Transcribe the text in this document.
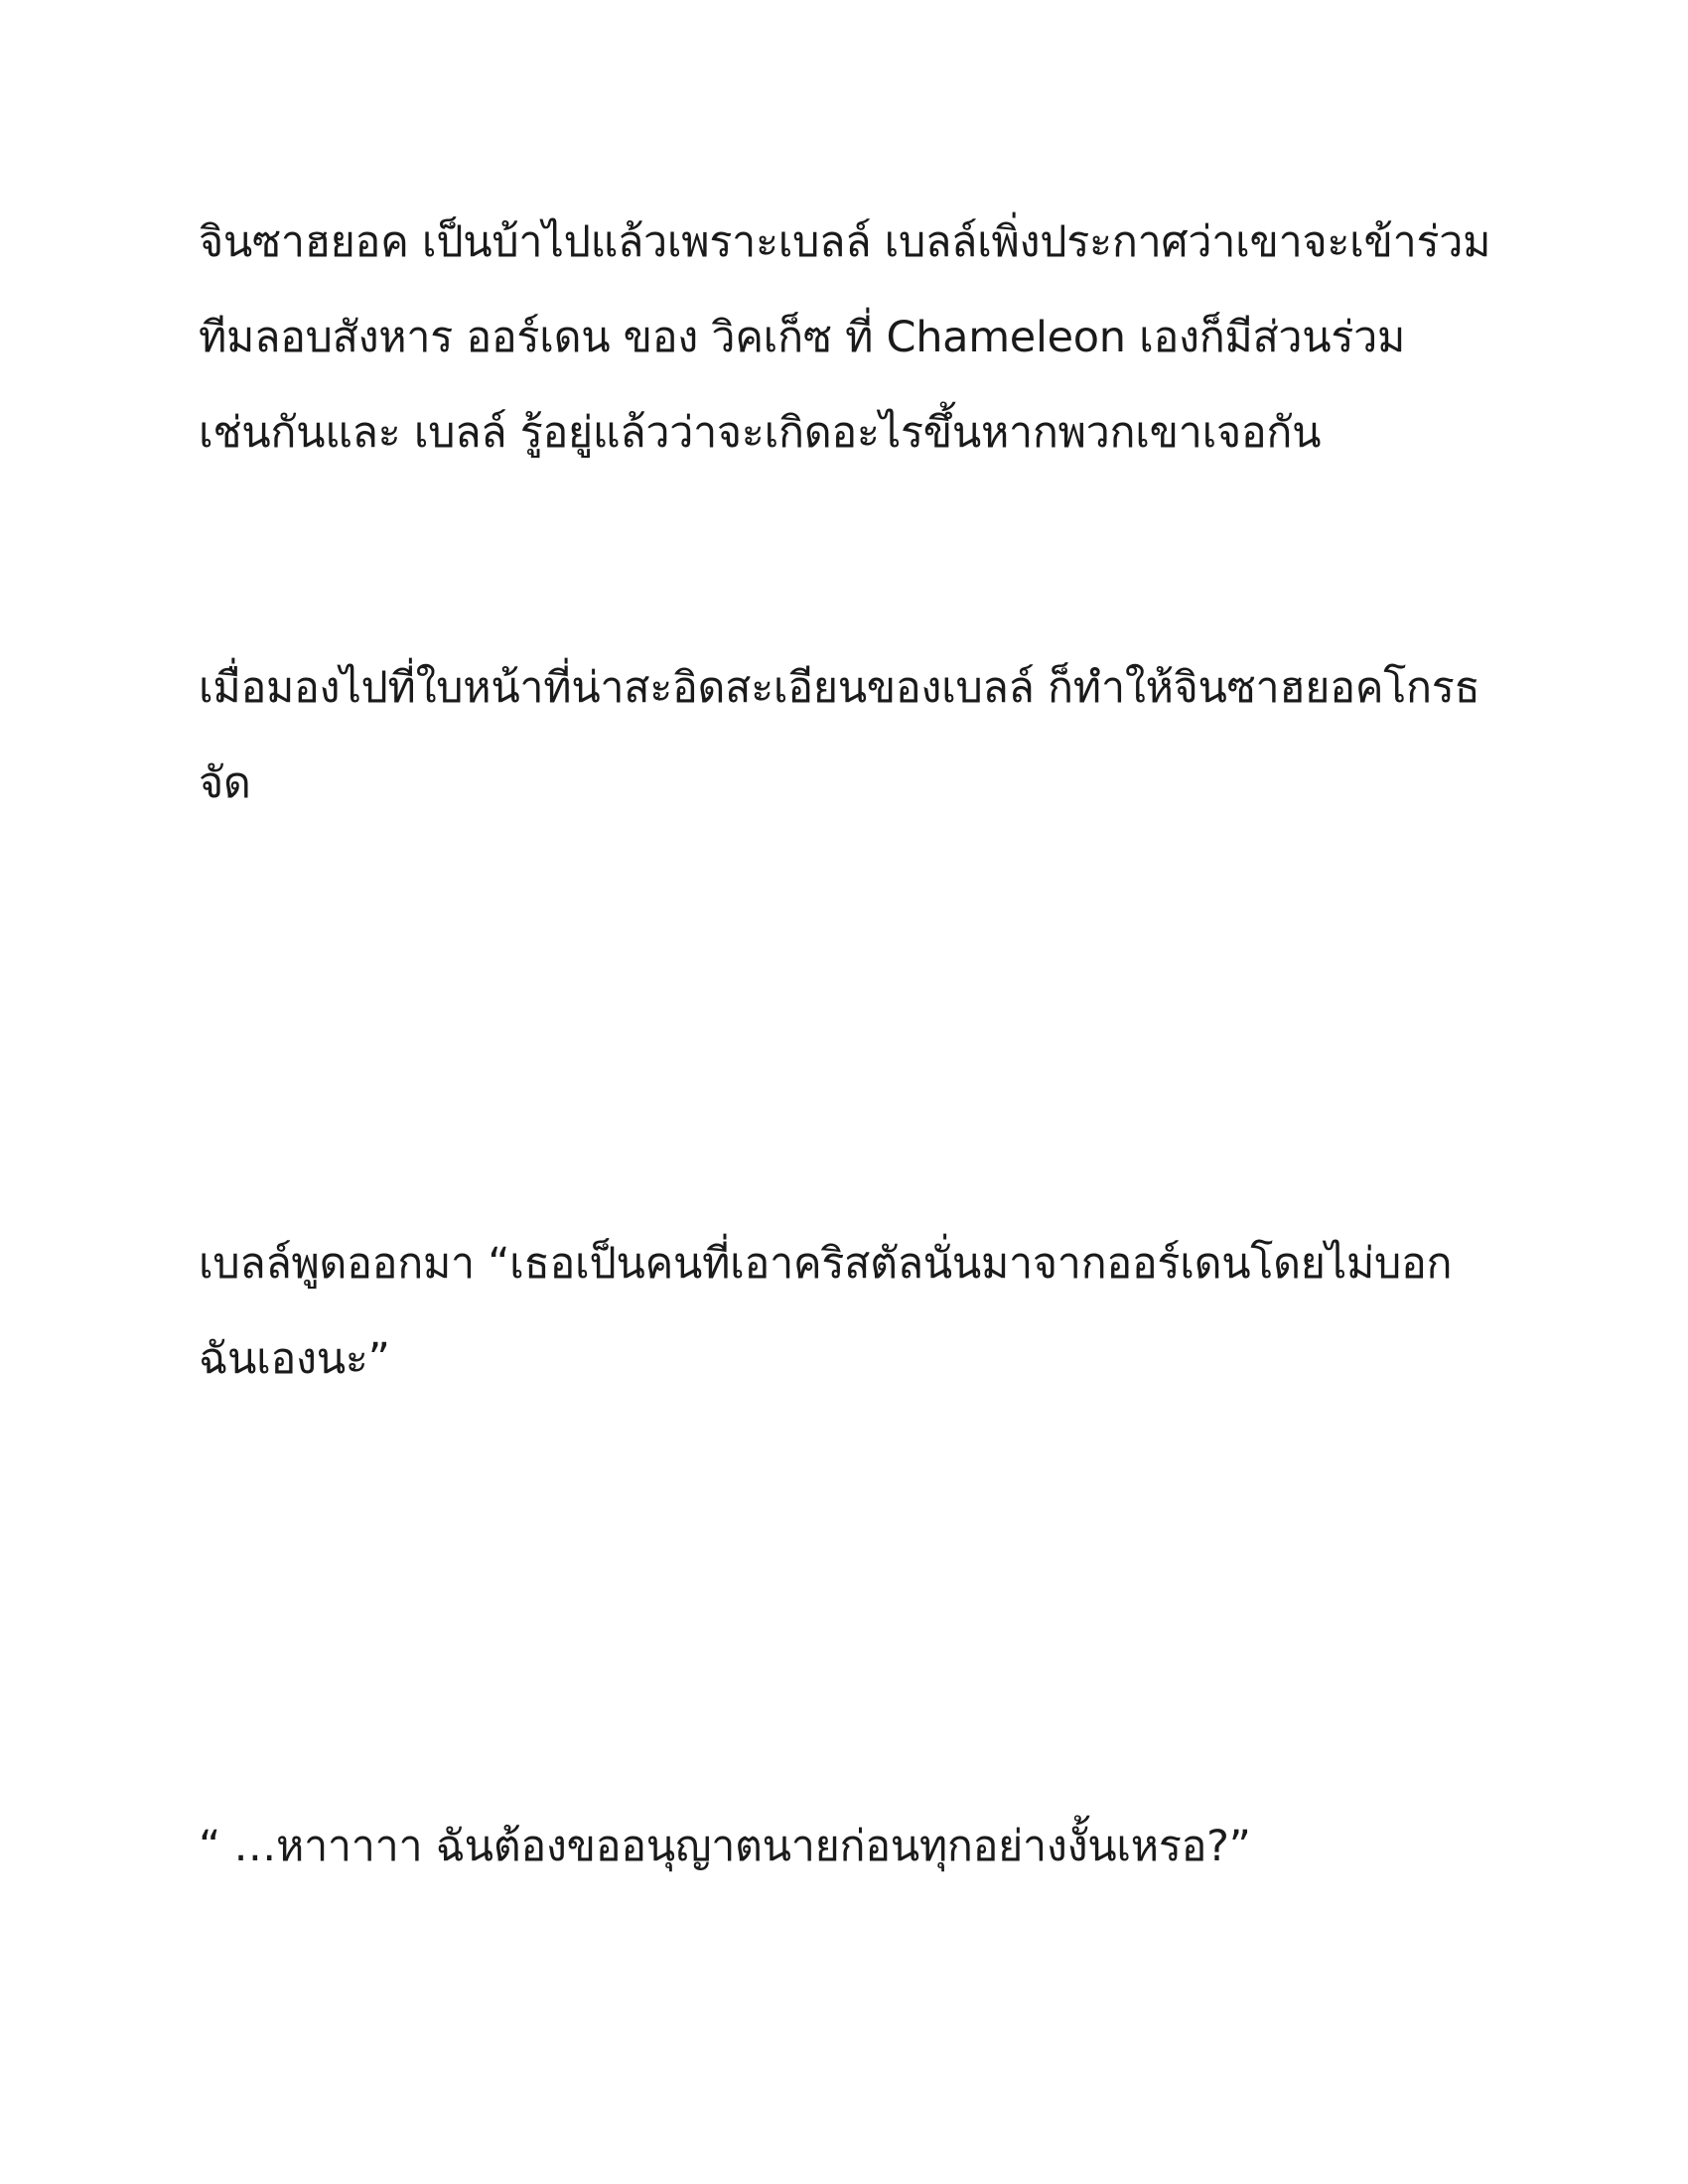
จินซาฮยอค เป็นบ้าไปแล้วเพราะเบลล์ เบลล์เพิ่งประกาศว่าเขาจะเข้าร่วม
ทีมลอบสังหาร ออร์เดน ของ วิคเก็ซ ที่ Chameleon เองก็มีส่วนร่วม
เช่นกันและ เบลล์ รู้อยู่แล้วว่าจะเกิดอะไรขึ้นหากพวกเขาเจอกัน
เมื่อมองไปที่ใบหน้าที่น่าสะอิดสะเอียนของเบลล์ ก็ทำให้จินซาฮยอคโกรธ
จัด
เบลล์พูดออกมา “เธอเป็นคนที่เอาคริสตัลนั่นมาจากออร์เดนโดยไม่บอก
ฉันเองนะ”
“ …หาาาาา ฉันต้องขออนุญาตนายก่อนทุกอย่างงั้นเหรอ?”
